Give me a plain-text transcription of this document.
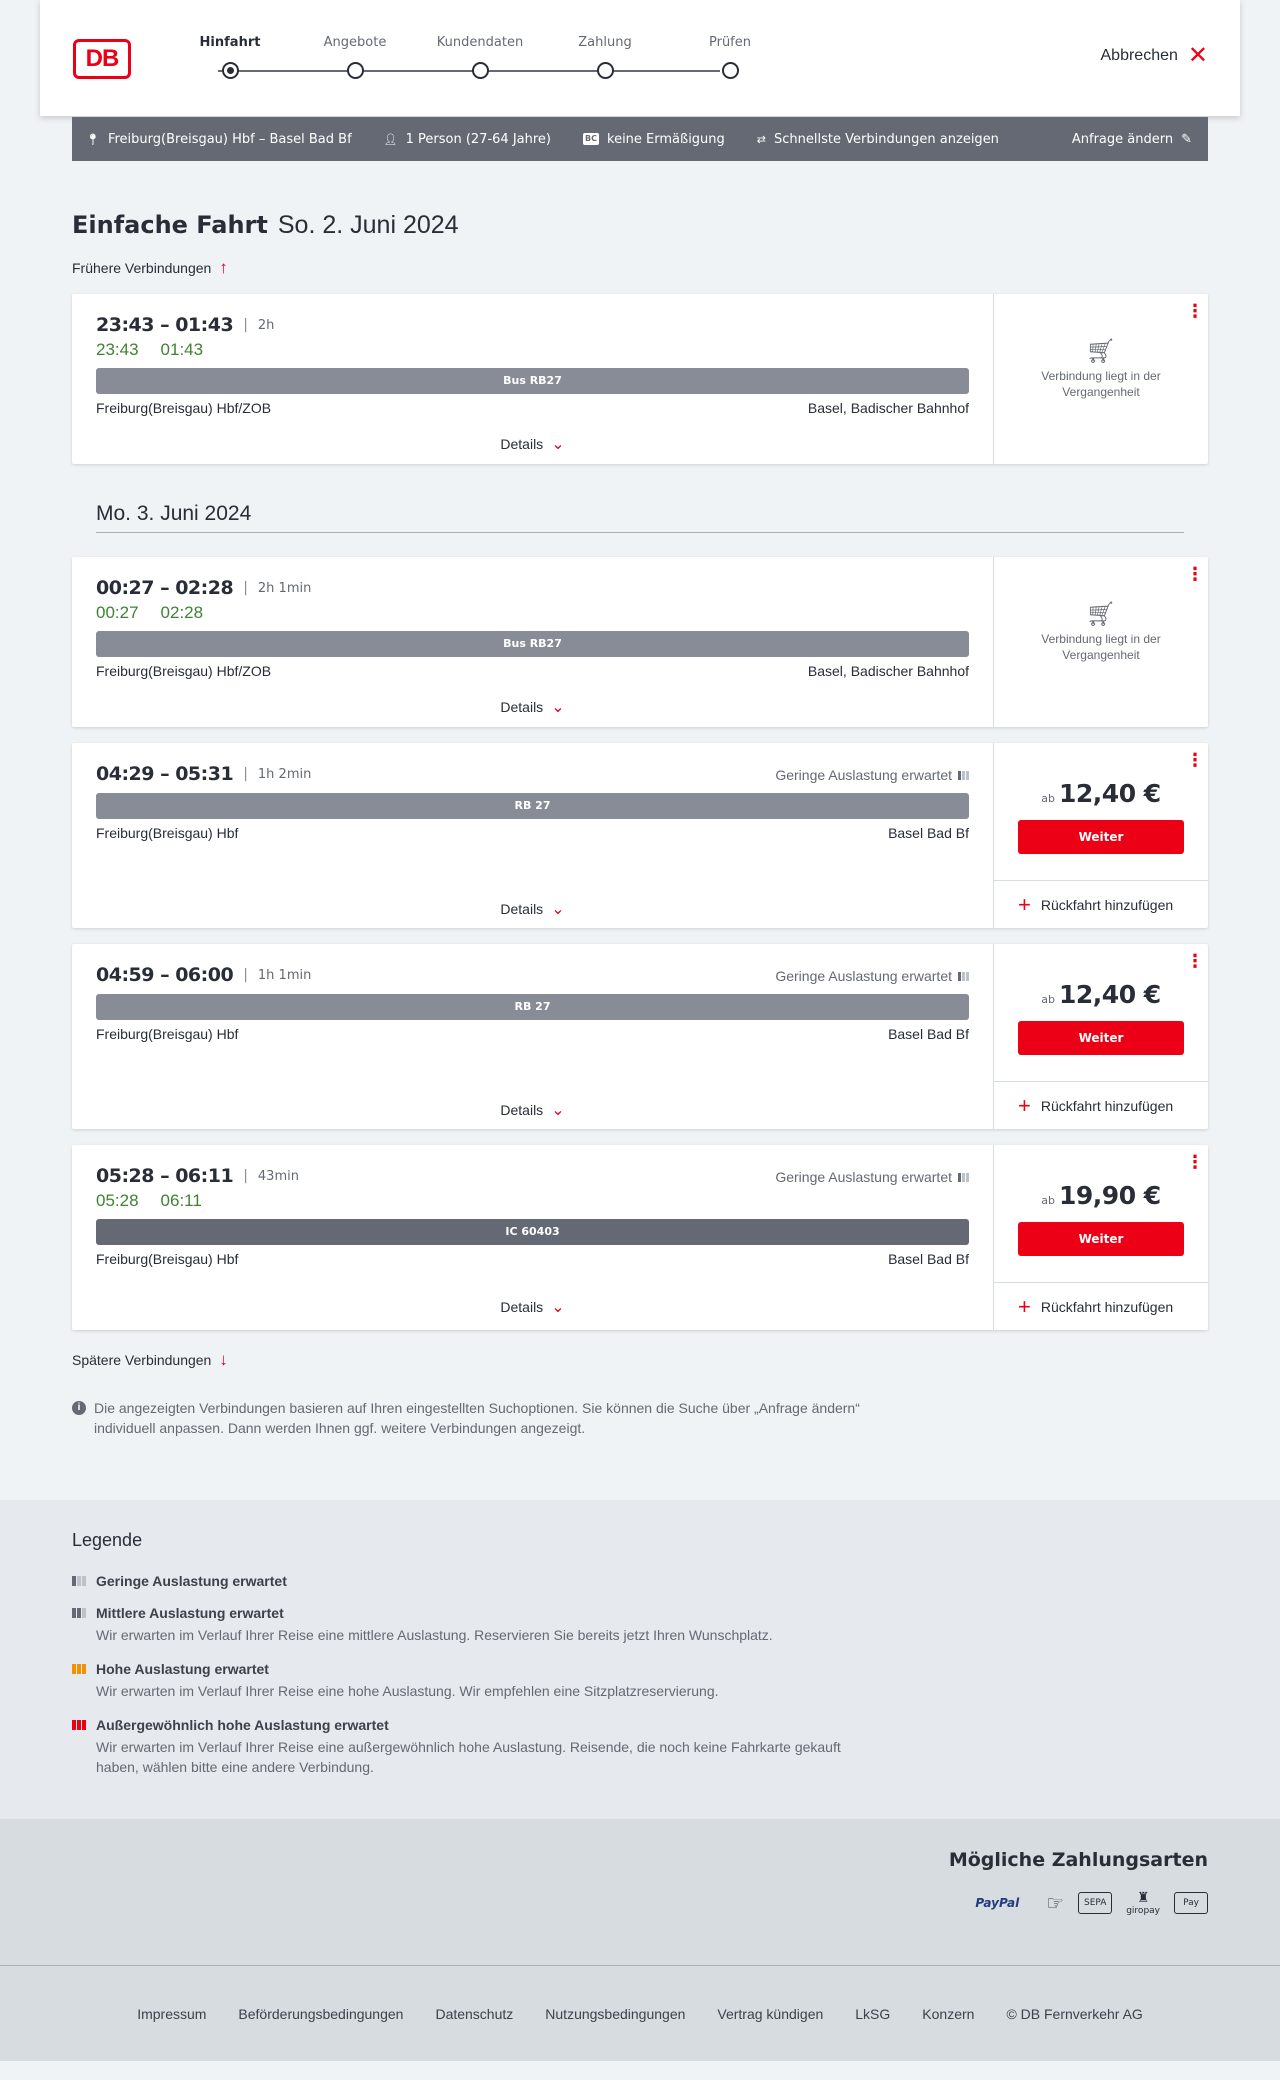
DB
Hinfahrt	Angebote	Kundendaten	Zahlung	Prüfen
Abbrechen ✕
📍︎ Freiburg(Breisgau) Hbf – Basel Bad Bf	👤︎ 1 Person (27-64 Jahre)	BC keine Ermäßigung	⇄ Schnellste Verbindungen anzeigen	Anfrage ändern ✎
Einfache Fahrt So. 2. Juni 2024
Frühere Verbindungen ↑
23:43 – 01:43 | 2h
23:43 01:43
Bus RB27
Freiburg(Breisgau) Hbf/ZOB	Basel, Badischer Bahnhof
Details ⌄
⋮
🛒︎
Verbindung liegt in der Vergangenheit
Mo. 3. Juni 2024
00:27 – 02:28 | 2h 1min
00:27 02:28
Bus RB27
Freiburg(Breisgau) Hbf/ZOB	Basel, Badischer Bahnhof
Details ⌄
⋮
🛒︎
Verbindung liegt in der Vergangenheit
04:29 – 05:31 | 1h 2min	Geringe Auslastung erwartet
RB 27
Freiburg(Breisgau) Hbf	Basel Bad Bf
Details ⌄
⋮
ab 12,40 €
Weiter
+ Rückfahrt hinzufügen
04:59 – 06:00 | 1h 1min	Geringe Auslastung erwartet
RB 27
Freiburg(Breisgau) Hbf	Basel Bad Bf
Details ⌄
⋮
ab 12,40 €
Weiter
+ Rückfahrt hinzufügen
05:28 – 06:11 | 43min	Geringe Auslastung erwartet
05:28 06:11
IC 60403
Freiburg(Breisgau) Hbf	Basel Bad Bf
Details ⌄
⋮
ab 19,90 €
Weiter
+ Rückfahrt hinzufügen
Spätere Verbindungen ↓
i Die angezeigten Verbindungen basieren auf Ihren eingestellten Suchoptionen. Sie können die Suche über „Anfrage ändern“ individuell anpassen. Dann werden Ihnen ggf. weitere Verbindungen angezeigt.
Legende
Geringe Auslastung erwartet
Mittlere Auslastung erwartet
Wir erwarten im Verlauf Ihrer Reise eine mittlere Auslastung. Reservieren Sie bereits jetzt Ihren Wunschplatz.
Hohe Auslastung erwartet
Wir erwarten im Verlauf Ihrer Reise eine hohe Auslastung. Wir empfehlen eine Sitzplatzreservierung.
Außergewöhnlich hohe Auslastung erwartet
Wir erwarten im Verlauf Ihrer Reise eine außergewöhnlich hohe Auslastung. Reisende, die noch keine Fahrkarte gekauft haben, wählen bitte eine andere Verbindung.
Mögliche Zahlungsarten
PayPal	☞	SEPA	♜
giropay
Pay
Impressum Beförderungsbedingungen Datenschutz Nutzungsbedingungen Vertrag kündigen LkSG Konzern © DB Fernverkehr AG
